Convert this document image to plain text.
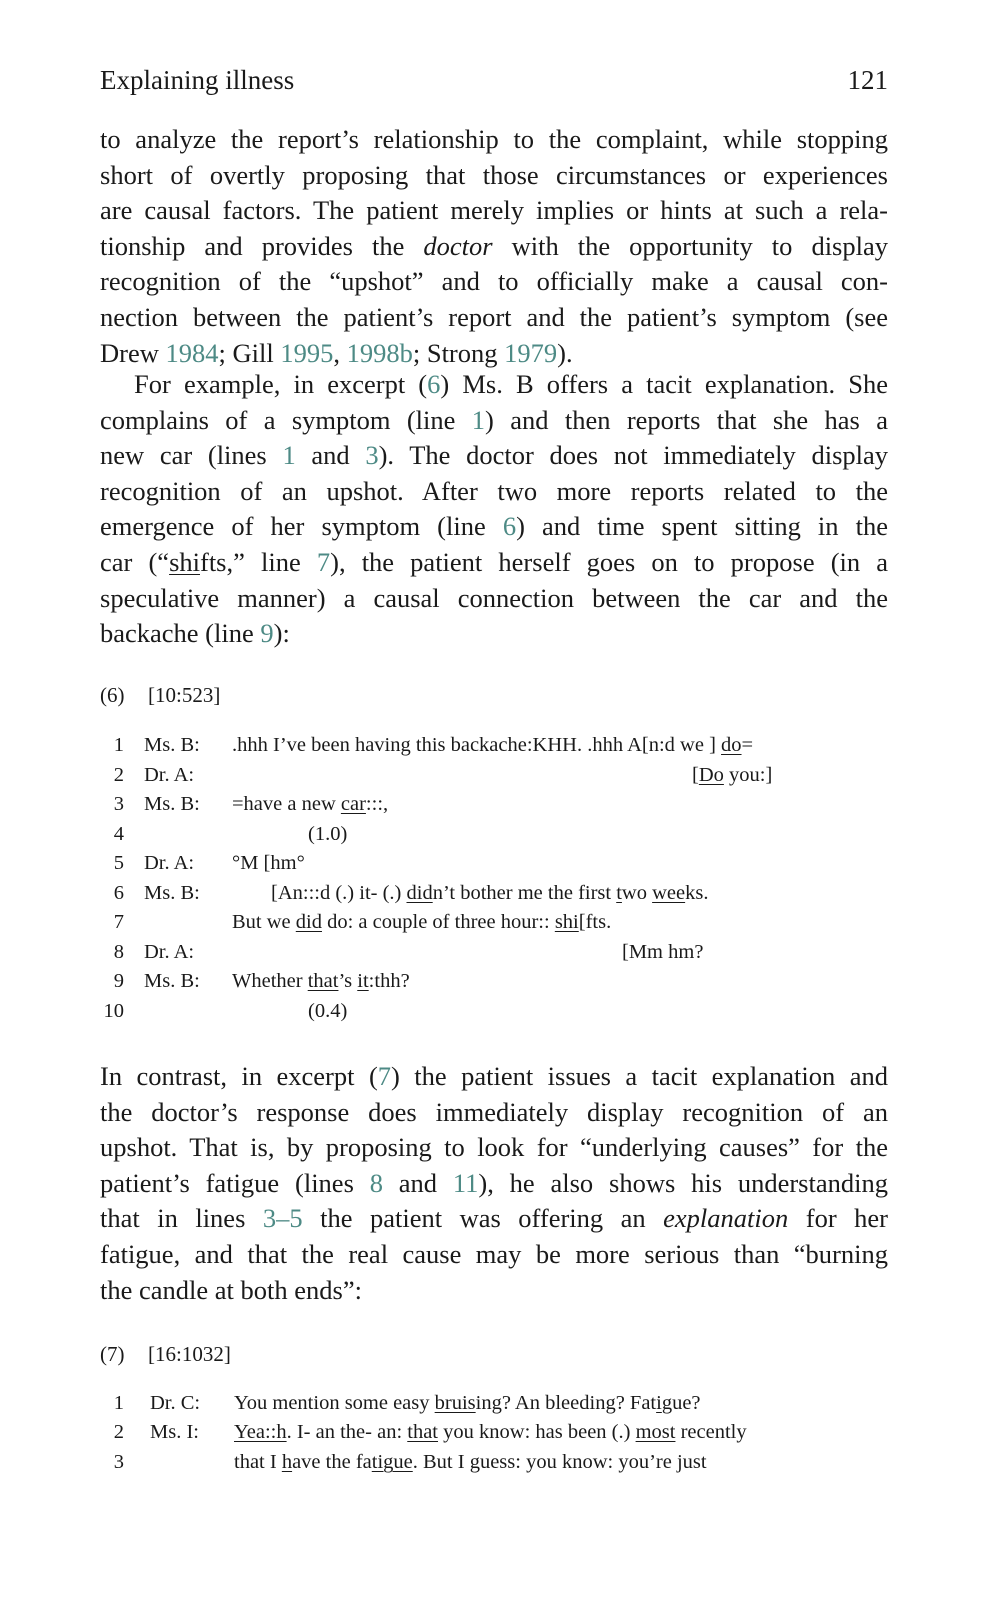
Explaining illness	121
to analyze the report’s relationship to the complaint, while stopping
short of overtly proposing that those circumstances or experiences
are causal factors. The patient merely implies or hints at such a rela-
tionship and provides the doctor with the opportunity to display
recognition of the “upshot” and to officially make a causal con-
nection between the patient’s report and the patient’s symptom (see
Drew 1984; Gill 1995, 1998b; Strong 1979).
For example, in excerpt (6) Ms. B offers a tacit explanation. She
complains of a symptom (line 1) and then reports that she has a
new car (lines 1 and 3). The doctor does not immediately display
recognition of an upshot. After two more reports related to the
emergence of her symptom (line 6) and time spent sitting in the
car (“shifts,” line 7), the patient herself goes on to propose (in a
speculative manner) a causal connection between the car and the
backache (line 9):
(6) [10:523]
1 Ms. B: .hhh I’ve been having this backache:KHH. .hhh A[n:d we ] do=
2 Dr. A:	[Do you:]
3 Ms. B: =have a new car:::,
4	(1.0)
5 Dr. A: °M [hm°
6 Ms. B:	[An:::d (.) it- (.) didn’t bother me the first two weeks.
7	But we did do: a couple of three hour:: shi[fts.
8 Dr. A:	[Mm hm?
9 Ms. B: Whether that’s it:thh?
10	(0.4)
In contrast, in excerpt (7) the patient issues a tacit explanation and
the doctor’s response does immediately display recognition of an
upshot. That is, by proposing to look for “underlying causes” for the
patient’s fatigue (lines 8 and 11), he also shows his understanding
that in lines 3–5 the patient was offering an explanation for her
fatigue, and that the real cause may be more serious than “burning
the candle at both ends”:
(7) [16:1032]
1 Dr. C: You mention some easy bruising? An bleeding? Fatigue?
2 Ms. I: Yea::h. I- an the- an: that you know: has been (.) most recently
3	that I have the fatigue. But I guess: you know: you’re just
